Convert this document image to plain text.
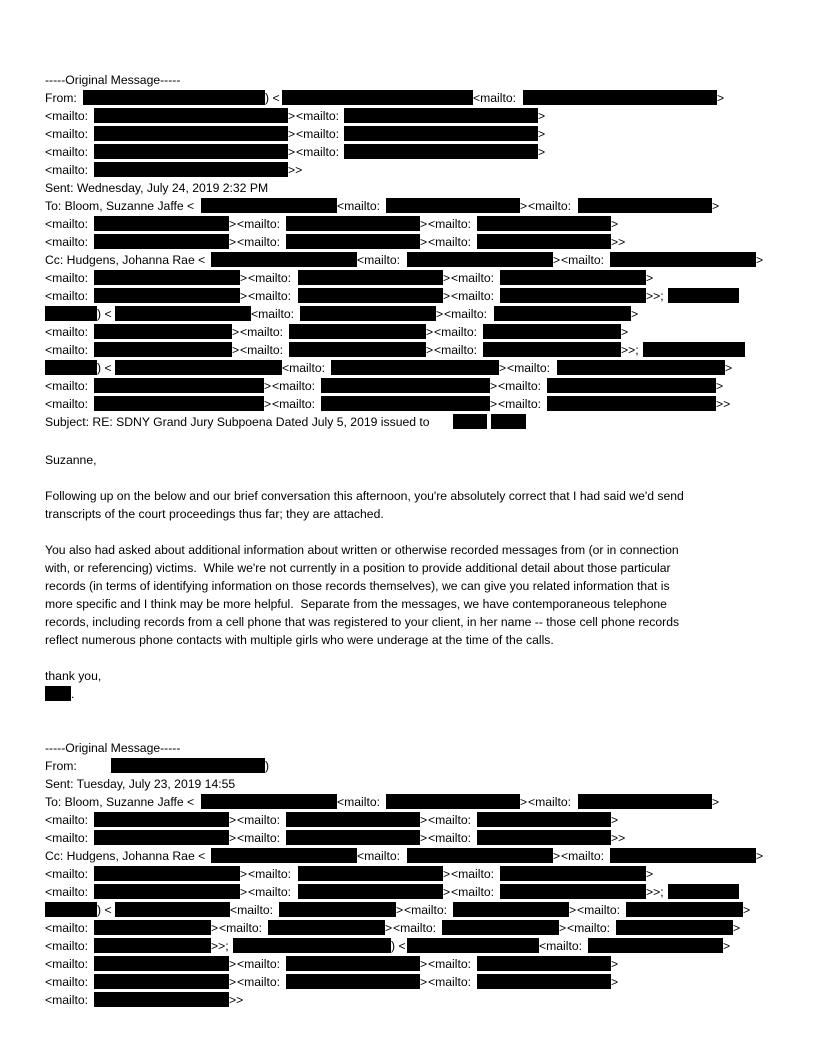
-----Original Message-----
From:
Sent: Wednesday, July 24, 2019 2:32 PM
To: Bloom, Suzanne Jaffe <
Cc: Hudgens, Johanna Rae <
Subject: RE: SDNY Grand Jury Subpoena Dated July 5, 2019 issued to
Suzanne,
Following up on the below and our brief conversation this afternoon, you're absolutely correct that I had said we'd send
transcripts of the court proceedings thus far; they are attached.
You also had asked about additional information about written or otherwise recorded messages from (or in connection
with, or referencing) victims.  While we're not currently in a position to provide additional detail about those particular
records (in terms of identifying information on those records themselves), we can give you related information that is
more specific and I think may be more helpful.  Separate from the messages, we have contemporaneous telephone
records, including records from a cell phone that was registered to your client, in her name -- those cell phone records
reflect numerous phone contacts with multiple girls who were underage at the time of the calls.
thank you,
-----Original Message-----
From:
Sent: Tuesday, July 23, 2019 14:55
To: Bloom, Suzanne Jaffe <
Cc: Hudgens, Johanna Rae <
) <	<mailto:	>
<mailto:	> <mailto:	>
<mailto:	> <mailto:	>
<mailto:	> <mailto:	>
<mailto:	>>
<mailto:	> <mailto:	>
<mailto:	> <mailto:	> <mailto:	>
<mailto:	> <mailto:	> <mailto:	>>
<mailto:	> <mailto:	>
<mailto:	> <mailto:	> <mailto:	>
<mailto:	> <mailto:	> <mailto:	>>;
) <	<mailto:	> <mailto:	>
<mailto:	> <mailto:	> <mailto:	>
<mailto:	> <mailto:	> <mailto:	>>;
) <	<mailto:	> <mailto:	>
<mailto:	> <mailto:	> <mailto:	>
<mailto:	> <mailto:	> <mailto:	>>
.
)
<mailto:	> <mailto:	>
<mailto:	> <mailto:	> <mailto:	>
<mailto:	> <mailto:	> <mailto:	>>
<mailto:	> <mailto:	>
<mailto:	> <mailto:	> <mailto:	>
<mailto:	> <mailto:	> <mailto:	>>;
) <	<mailto:	> <mailto:	> <mailto:	>
<mailto:	> <mailto:	> <mailto:	> <mailto:	>
<mailto:	>>;	) <	<mailto:	>
<mailto:	> <mailto:	> <mailto:	>
<mailto:	> <mailto:	> <mailto:	>
<mailto:	>>
